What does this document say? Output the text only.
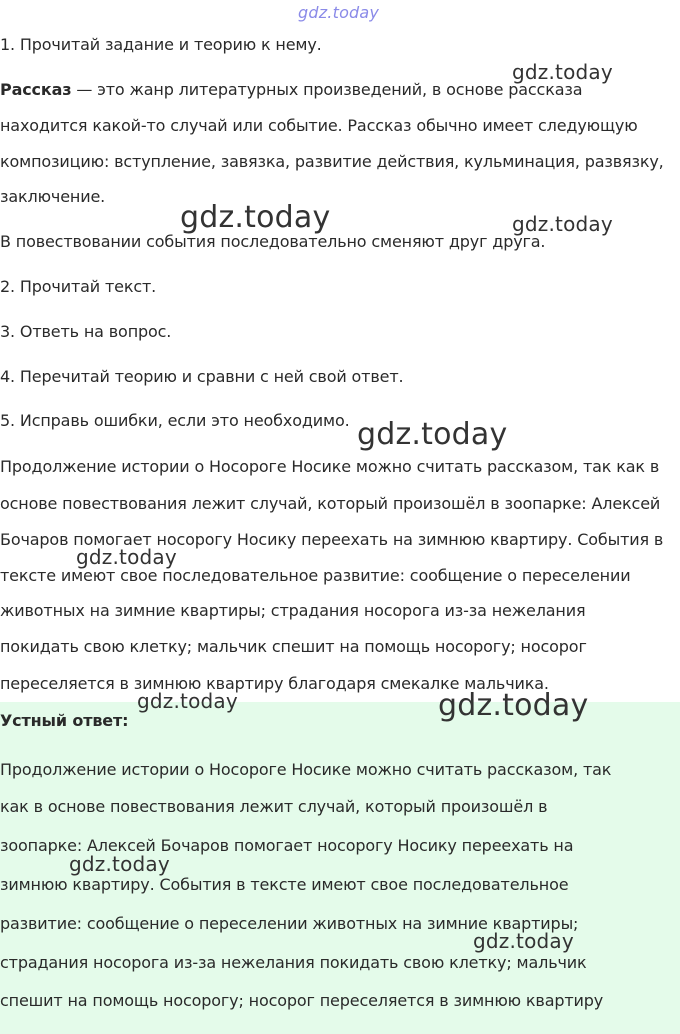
gdz.today
1. Прочитай задание и теорию к нему.
Рассказ — это жанр литературных произведений, в основе рассказа
находится какой-то случай или событие. Рассказ обычно имеет следующую
композицию: вступление, завязка, развитие действия, кульминация, развязку,
заключение.
В повествовании события последовательно сменяют друг друга.
2. Прочитай текст.
3. Ответь на вопрос.
4. Перечитай теорию и сравни с ней свой ответ.
5. Исправь ошибки, если это необходимо.
Продолжение истории о Носороге Носике можно считать рассказом, так как в
основе повествования лежит случай, который произошёл в зоопарке: Алексей
Бочаров помогает носорогу Носику переехать на зимнюю квартиру. События в
тексте имеют свое последовательное развитие: сообщение о переселении
животных на зимние квартиры; страдания носорога из-за нежелания
покидать свою клетку; мальчик спешит на помощь носорогу; носорог
переселяется в зимнюю квартиру благодаря смекалке мальчика.
Устный ответ:
Продолжение истории о Носороге Носике можно считать рассказом, так
как в основе повествования лежит случай, который произошёл в
зоопарке: Алексей Бочаров помогает носорогу Носику переехать на
зимнюю квартиру. События в тексте имеют свое последовательное
развитие: сообщение о переселении животных на зимние квартиры;
страдания носорога из-за нежелания покидать свою клетку; мальчик
спешит на помощь носорогу; носорог переселяется в зимнюю квартиру
gdz.today
gdz.today	gdz.today
gdz.today
gdz.today
gdz.today	gdz.today
gdz.today
gdz.today
